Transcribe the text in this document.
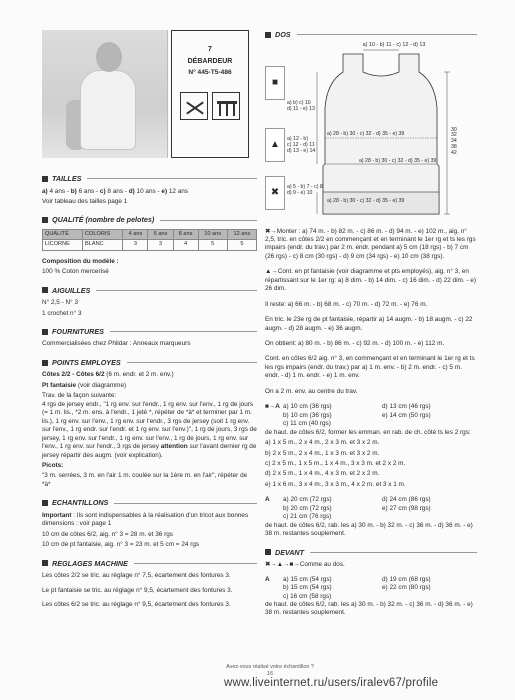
7
DÉBARDEUR
N° 445-T5-486
TAILLES

a) 4 ans - b) 6 ans - c) 8 ans - d) 10 ans - e) 12 ans

Voir tableau des tailles page 1

QUALITÉ (nombre de pelotes)
QUALITÉ	COLORIS	4 ans	6 ans	8 ans	10 ans	12 ans
LICORNE	BLANC	3	3	4	5	5

Composition du modèle :

100 % Coton mercerisé

AIGUILLES

N° 2,5 - N° 3

1 crochet n° 3

FOURNITURES

Commercialisées chez Phildar : Anneaux marqueurs

POINTS EMPLOYES

Côtes 2/2 - Côtes 6/2 (6 m. endr. et 2 m. env.)

Pt fantaisie (voir diagramme)

Trav. de la façon suivante:
4 rgs de jersey endr., "1 rg env. sur l'endr., 1 rg env. sur l'env., 1 rg de jours (= 1 m. lis., *2 m. ens. à l'endr., 1 jeté *, répéter de *à* et terminer par 1 m. lis.), 1 rg env. sur l'env., 1 rg env. sur l'endr., 3 rgs de jersey (soit 1 rg env. sur l'env., 1 rg endr. sur l'endr. et 1 rg env. sur l'env.)", 1 rg de jours, 3 rgs de jersey, 1 rg env. sur l'endr., 1 rg env. sur l'env., 1 rg de jours, 1 rg env. sur l'env., 1 rg env. sur l'endr., 3 rgs de jersey attention sur l'avant dernier rg de jersey répartir des augm. (voir explication).

Picots:

"3 m. serrées, 3 m. en l'air 1 m. coulée sur la 1ère m. en l'air", répéter de *à*

ECHANTILLONS

Important : Ils sont indispensables à la réalisation d'un tricot aux bonnes dimensions : voir page 1

10 cm de côtes 6/2, aig. n° 3 = 28 m. et 36 rgs

10 cm de pt fantaisie, aig. n° 3 = 23 m. et 5 cm = 24 rgs

REGLAGES MACHINE

Les côtes 2/2 se tric. au réglage n° 7,5, écartement des fontures 3.

Le pt fantaisie se tric. au réglage n° 9,5, écartement des fontures 3.

Les côtes 6/2 se tric. au réglage n° 9,5, écartement des fontures 3.

DOS
■
▲
✖
a) 10 - b) 11 - c) 12 - d) 13
a) b) c) 10
d) 11 - e) 13
a) 12 - b)
c) 12 - d) 11
d) 13 - e) 14
a) 28 - b) 30 - c) 32 - d) 35 - e) 39
a) 28 - b) 30 - c) 32 - d) 35 - e) 39
a) 5 - b) 7 - c) 8
d) 9 - e) 10
a) 28 - b) 30 - c) 32 - d) 35 - e) 39
30
32
34
38
42

✖→Monter : a) 74 m. - b) 82 m. - c) 86 m. - d) 94 m. - e) 102 m., aig. n° 2,5, tric. en côtes 2/2 en commençant et en terminant le 1er rg et ts les rgs impairs (endr. du trav.) par 2 m. endr. pendant a) 5 cm (18 rgs) - b) 7 cm (26 rgs) - c) 8 cm (30 rgs) - d) 9 cm (34 rgs) - e) 10 cm (38 rgs).

▲→Cont. en pt fantaisie (voir diagramme et pts employés), aig. n° 3, en répartissant sur le 1er rg: a) 8 dim. - b) 14 dim. - c) 16 dim. - d) 22 dim. - e) 26 dim.

Il reste: a) 66 m. - b) 68 m. - c) 70 m. - d) 72 m. - e) 76 m.

En tric. le 23e rg de pt fantaisie, répartir a) 14 augm. - b) 18 augm. - c) 22 augm. - d) 28 augm. - e) 36 augm.

On obtient: a) 80 m. - b) 86 m. - c) 92 m. - d) 100 m. - e) 112 m.

Cont. en côtes 6/2 aig. n° 3, en commençant et en terminant le 1er rg et ts les rgs impairs (endr. du trav.) par a) 1 m. env. - b) 2 m. endr. - c) 5 m. endr. - d) 1 m. endr. - e) 1 m. env.

On a 2 m. env. au centre du trav.

■→A a) 10 cm (36 rgs)	d) 13 cm (46 rgs)
b) 10 cm (36 rgs)	e) 14 cm (50 rgs)
c) 11 cm (40 rgs)

de haut. de côtes 6/2, former les emman. en rab. de ch. côté ts les 2 rgs:

a) 1 x 5 m., 2 x 4 m., 2 x 3 m. et 3 x 2 m.

b) 2 x 5 m., 2 x 4 m., 1 x 3 m. et 3 x 2 m.

c) 2 x 5 m., 1 x 5 m., 1 x 4 m., 3 x 3 m. et 2 x 2 m.

d) 2 x 5 m., 1 x 4 m., 4 x 3 m. et 2 x 2 m.

e) 1 x 6 m., 3 x 4 m., 3 x 3 m., 4 x 2 m. et 3 x 1 m.

A	a) 20 cm (72 rgs)	d) 24 cm (86 rgs)
b) 20 cm (72 rgs)	e) 27 cm (98 rgs)
c) 21 cm (76 rgs)

de haut. de côtes 6/2, rab. les a) 30 m. - b) 32 m. - c) 36 m. - d) 36 m. - e) 38 m. restantes souplement.

DEVANT

✖→▲→■→Comme au dos.

A	a) 15 cm (54 rgs)	d) 19 cm (68 rgs)
b) 15 cm (54 rgs)	e) 22 cm (80 rgs)
c) 16 cm (58 rgs)

de haut. de côtes 6/2, rab. les a) 30 m. - b) 32 m. - c) 36 m. - d) 36 m. - e) 38 m. restantes souplement.

Avez-vous réalisé votre échantillon ?
16
www.liveinternet.ru/users/iralev67/profile
